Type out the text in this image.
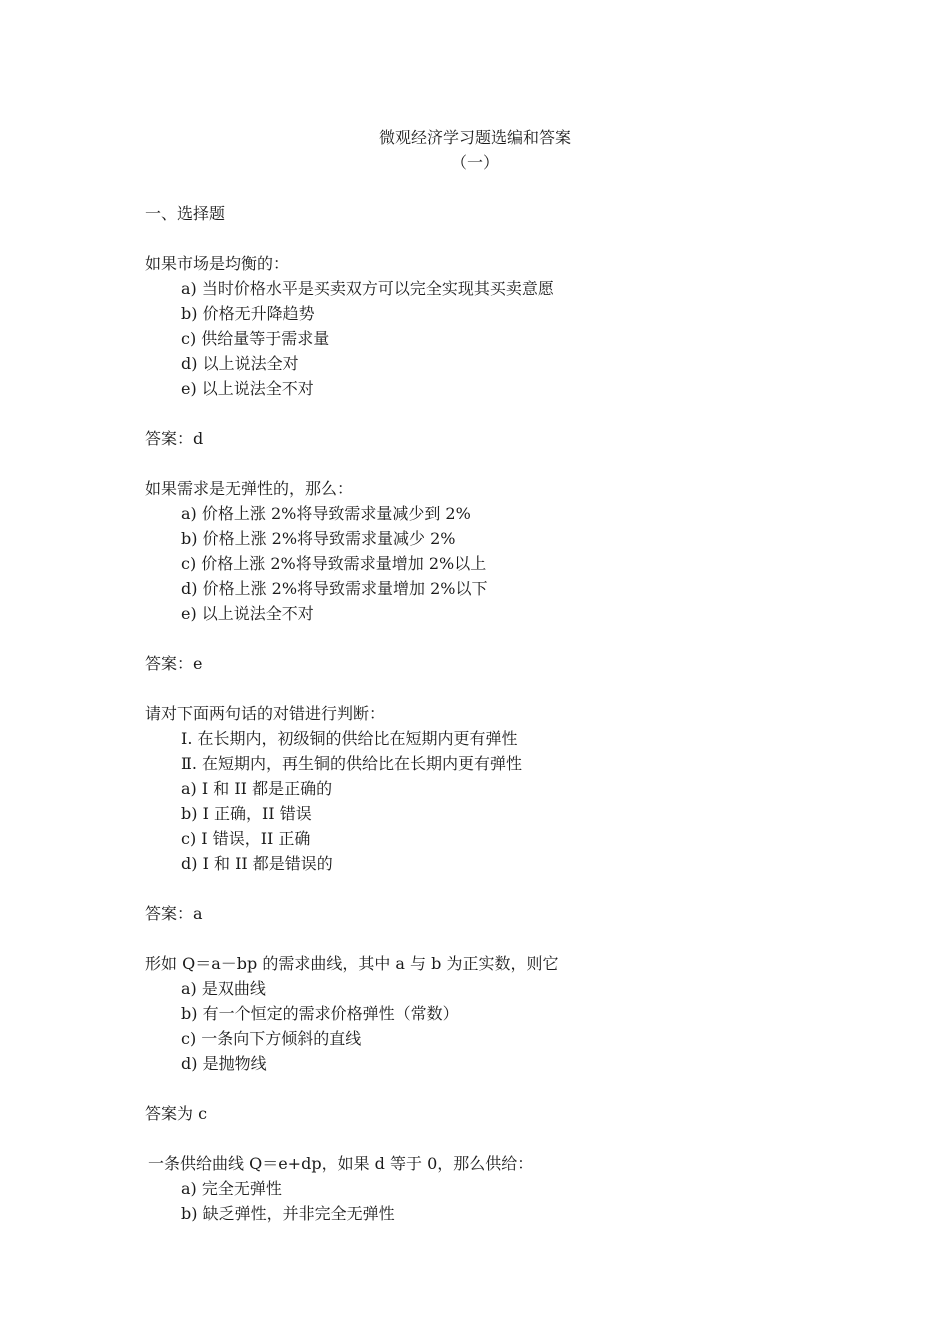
微观经济学习题选编和答案
（一）
一、选择题
如果市场是均衡的：
a) 当时价格水平是买卖双方可以完全实现其买卖意愿
b) 价格无升降趋势
c) 供给量等于需求量
d) 以上说法全对
e) 以上说法全不对
答案：d
如果需求是无弹性的，那么：
a) 价格上涨 2%将导致需求量减少到 2%
b) 价格上涨 2%将导致需求量减少 2%
c) 价格上涨 2%将导致需求量增加 2%以上
d) 价格上涨 2%将导致需求量增加 2%以下
e) 以上说法全不对
答案：e
请对下面两句话的对错进行判断：
Ⅰ. 在长期内，初级铜的供给比在短期内更有弹性
Ⅱ. 在短期内，再生铜的供给比在长期内更有弹性
a) I 和 II 都是正确的
b) I 正确，II 错误
c) I 错误，II 正确
d) I 和 II 都是错误的
答案：a
形如 Q＝a－bp 的需求曲线，其中 a 与 b 为正实数，则它
a) 是双曲线
b) 有一个恒定的需求价格弹性（常数）
c) 一条向下方倾斜的直线
d) 是抛物线
答案为 c
一条供给曲线 Q＝e+dp，如果 d 等于 0，那么供给：
a) 完全无弹性
b) 缺乏弹性，并非完全无弹性
